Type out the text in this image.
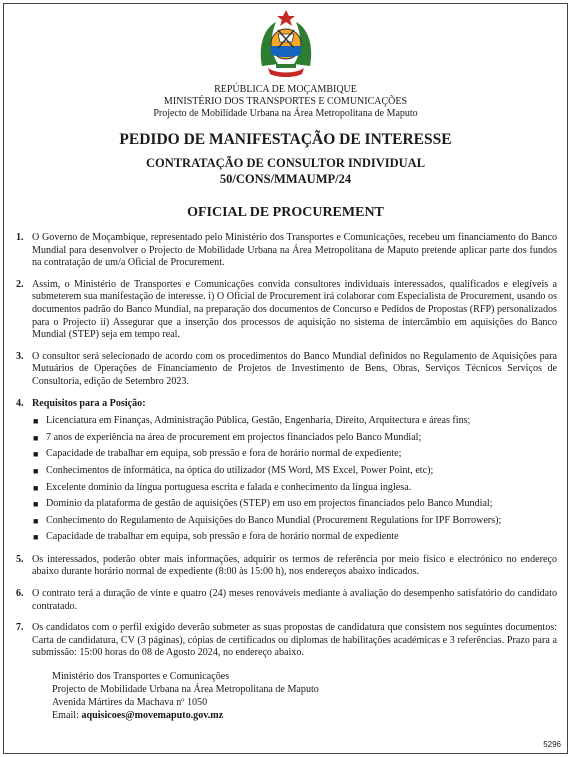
REPÚBLICA DE MOÇAMBIQUE
MINISTÉRIO DOS TRANSPORTES E COMUNICAÇÕES
Projecto de Mobilidade Urbana na Área Metropolitana de Maputo
PEDIDO DE MANIFESTAÇÃO DE INTERESSE
CONTRATAÇÃO DE CONSULTOR INDIVIDUAL
50/CONS/MMAUMP/24
OFICIAL DE PROCUREMENT
1. O Governo de Moçambique, representado pelo Ministério dos Transportes e Comunicações, recebeu um financiamento do Banco Mundial para desenvolver o Projecto de Mobilidade Urbana na Área Metropolitana de Maputo pretende aplicar parte dos fundos na contratação de um/a Oficial de Procurement.
2. Assim, o Ministério de Transportes e Comunicações convida consultores individuais interessados, qualificados e elegíveis a submeterem sua manifestação de interesse. i) O Oficial de Procurement irá colaborar com Especialista de Procurement, usando os documentos padrão do Banco Mundial, na preparação dos documentos de Concurso e Pedidos de Propostas (RFP) personalizados para o Projecto ii) Assegurar que a inserção dos processos de aquisição no sistema de intercâmbio em aquisições do Banco Mundial (STEP) seja em tempo real.
3. O consultor será selecionado de acordo com os procedimentos do Banco Mundial definidos no Regulamento de Aquisições para Mutuários de Operações de Financiamento de Projetos de Investimento de Bens, Obras, Serviços Técnicos Serviços de Consultoria, edição de Setembro 2023.
4. Requisitos para a Posição:
■ Licenciatura em Finanças, Administração Pública, Gestão, Engenharia, Direito, Arquitectura e áreas fins;
■ 7 anos de experiência na área de procurement em projectos financiados pelo Banco Mundial;
■ Capacidade de trabalhar em equipa, sob pressão e fora de horário normal de expediente;
■ Conhecimentos de informática, na óptica do utilizador (MS Word, MS Excel, Power Point, etc);
■ Excelente domínio da língua portuguesa escrita e falada e conhecimento da língua inglesa.
■ Domínio da plataforma de gestão de aquisições (STEP) em uso em projectos financiados pelo Banco Mundial;
■ Conhecimento do Regulamento de Aquisições do Banco Mundial (Procurement Regulations for IPF Borrowers);
■ Capacidade de trabalhar em equipa, sob pressão e fora de horário normal de expediente
5. Os interessados, poderão obter mais informações, adquirir os termos de referência por meio físico e electrónico no endereço abaixo durante horário normal de expediente (8:00 às 15:00 h), nos endereços abaixo indicados.
6. O contrato terá a duração de vinte e quatro (24) meses renováveis mediante à avaliação do desempenho satisfatório do candidato contratado.
7. Os candidatos com o perfil exigido deverão submeter as suas propostas de candidatura que consistem nos seguintes documentos: Carta de candidatura, CV (3 páginas), cópias de certificados ou diplomas de habilitações académicas e 3 referências. Prazo para a submissão: 15:00 horas do 08 de Agosto 2024, no endereço abaixo.
Ministério dos Transportes e Comunicações
Projecto de Mobilidade Urbana na Área Metropolitana de Maputo
Avenida Mártires da Machava nº 1050
Email: aquisicoes@movemaputo.gov.mz
5296
